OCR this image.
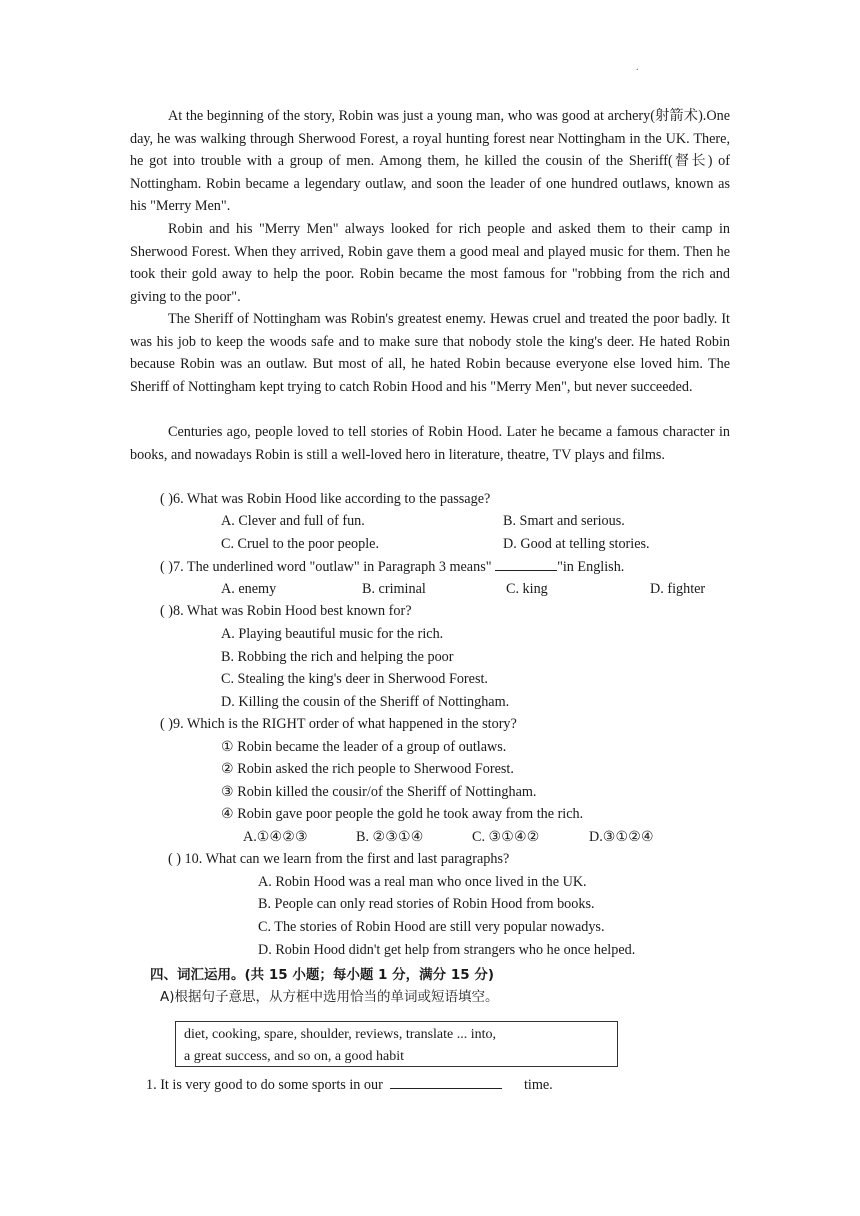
.

At the beginning of the story, Robin was just a young man, who was good at archery(射箭术).One day, he was walking through Sherwood Forest, a royal hunting forest near Nottingham in the UK. There, he got into trouble with a group of men. Among them, he killed the cousin of the Sheriff(督长) of Nottingham. Robin became a legendary outlaw, and soon the leader of one hundred outlaws, known as his "Merry Men".

Robin and his "Merry Men" always looked for rich people and asked them to their camp in Sherwood Forest. When they arrived, Robin gave them a good meal and played music for them. Then he took their gold away to help the poor. Robin became the most famous for "robbing from the rich and giving to the poor".

The Sheriff of Nottingham was Robin's greatest enemy. Hewas cruel and treated the poor badly. It was his job to keep the woods safe and to make sure that nobody stole the king's deer. He hated Robin because Robin was an outlaw. But most of all, he hated Robin because everyone else loved him. The Sheriff of Nottingham kept trying to catch Robin Hood and his "Merry Men", but never succeeded.

Centuries ago, people loved to tell stories of Robin Hood. Later he became a famous character in books, and nowadays Robin is still a well-loved hero in literature, theatre, TV plays and films.

( )6. What was Robin Hood like according to the passage?
A. Clever and full of fun.	B. Smart and serious.
C. Cruel to the poor people.	D. Good at telling stories.
( )7. The underlined word "outlaw" in Paragraph 3 means"	"in English.
A. enemy	B. criminal	C. king	D. fighter
( )8. What was Robin Hood best known for?
A. Playing beautiful music for the rich.
B. Robbing the rich and helping the poor
C. Stealing the king's deer in Sherwood Forest.
D. Killing the cousin of the Sheriff of Nottingham.
( )9. Which is the RIGHT order of what happened in the story?
① Robin became the leader of a group of outlaws.
② Robin asked the rich people to Sherwood Forest.
③ Robin killed the cousir/of the Sheriff of Nottingham.
④ Robin gave poor people the gold he took away from the rich.
A.①④②③	B. ②③①④	C. ③①④②	D.③①②④
( ) 10. What can we learn from the first and last paragraphs?
A. Robin Hood was a real man who once lived in the UK.
B. People can only read stories of Robin Hood from books.
C. The stories of Robin Hood are still very popular nowadys.
D. Robin Hood didn't get help from strangers who he once helped.
四、词汇运用。(共 15 小题；每小题 1 分，满分 15 分)
A)根据句子意思，从方框中选用恰当的单词或短语填空。
diet, cooking, spare, shoulder, reviews, translate ... into,
a great success, and so on, a good habit
1. It is very good to do some sports in our	time.
